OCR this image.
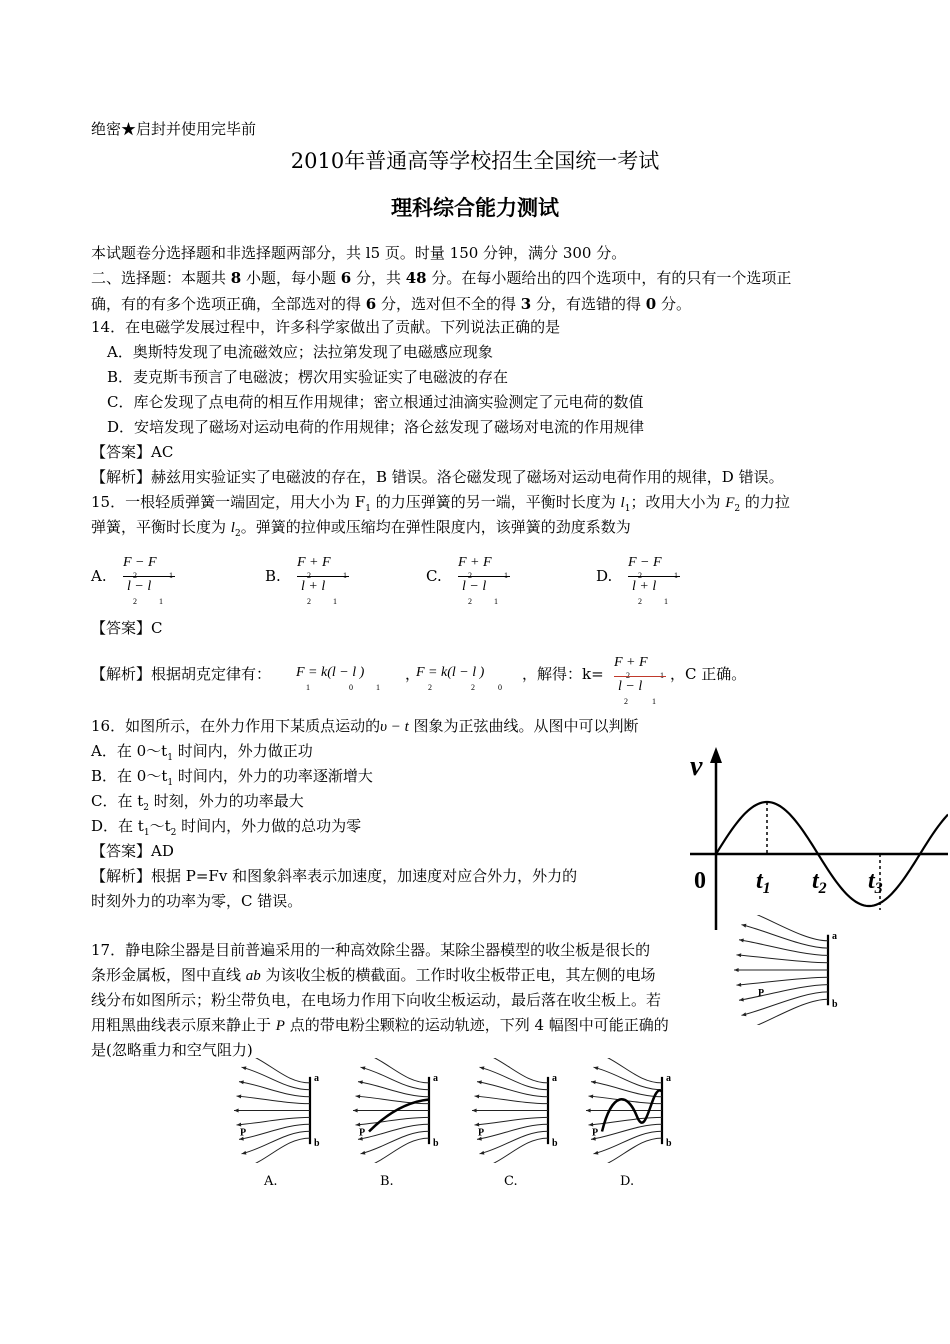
绝密★启封并使用完毕前
2010年普通高等学校招生全国统一考试
理科综合能力测试
本试题卷分选择题和非选择题两部分，共 l5 页。时量 150 分钟，满分 300 分。
二、选择题：本题共 8 小题，每小题 6 分，共 48 分。在每小题给出的四个选项中，有的只有一个选项正
确，有的有多个选项正确，全部选对的得 6 分，选对但不全的得 3 分，有选错的得 0 分。
14．在电磁学发展过程中，许多科学家做出了贡献。下列说法正确的是
A．奥斯特发现了电流磁效应；法拉第发现了电磁感应现象
B．麦克斯韦预言了电磁波；楞次用实验证实了电磁波的存在
C．库仑发现了点电荷的相互作用规律；密立根通过油滴实验测定了元电荷的数值
D．安培发现了磁场对运动电荷的作用规律；洛仑兹发现了磁场对电流的作用规律
【答案】AC
【解析】赫兹用实验证实了电磁波的存在，B 错误。洛仑磁发现了磁场对运动电荷作用的规律，D 错误。
15．一根轻质弹簧一端固定，用大小为 $F_1$ 的力压弹簧的另一端，平衡时长度为 $l_1$；改用大小为 $F_2$ 的力拉
弹簧，平衡时长度为 $l_2$。弹簧的拉伸或压缩均在弹性限度内，该弹簧的劲度系数为
A.
F − F
l − l
2	1
B.
F + F
l + l
2	1
C.
F + F
l − l
2	1
D.
F − F
l + l
2	1
【答案】C
【解析】根据胡克定律有： F = k(l − l )
1	0	1
，
F = k(l − l )
2	2	0
，解得：k=
F + F
l − l
2	1
，C 正确。
16．如图所示，在外力作用下某质点运动的υ − t 图象为正弦曲线。从图中可以判断
A．在 $0\sim t_1$ 时间内，外力做正功
B．在 $0\sim t_1$ 时间内，外力的功率逐渐增大
C．在 $t_2$ 时刻，外力的功率最大
D．在 $t_1\sim t_2$ 时间内，外力做的总功为零
【答案】AD
【解析】根据 P=Fv 和图象斜率表示加速度，加速度对应合外力，外力的
时刻外力的功率为零，C 错误。
v
0 $t_1$ $t_2$ $t_3$
17．静电除尘器是目前普遍采用的一种高效除尘器。某除尘器模型的收尘板是很长的
条形金属板，图中直线 ab 为该收尘板的横截面。工作时收尘板带正电，其左侧的电场
线分布如图所示；粉尘带负电，在电场力作用下向收尘板运动，最后落在收尘板上。若
用粗黑曲线表示原来静止于 P 点的带电粉尘颗粒的运动轨迹，下列 4 幅图中可能正确的
是(忽略重力和空气阻力)
a
b
P
a
b
P
a
b
P
a
b
P
a
b
P
A.	B.	C.	D.
